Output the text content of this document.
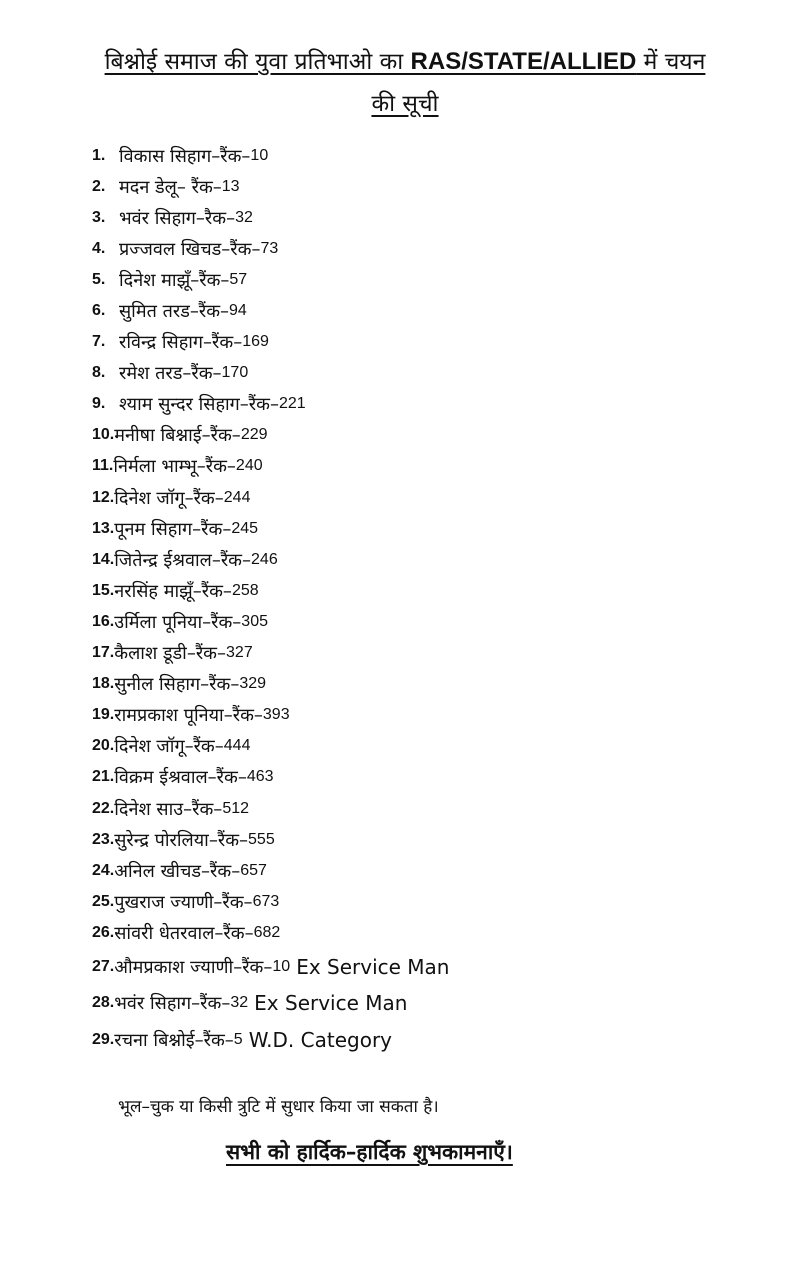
बिश्नोई समाज की युवा प्रतिभाओ का RAS/STATE/ALLIED में चयन
की सूची
1. विकास सिहाग–रैंक– 10
2. मदन डेलू– रैंक– 13
3. भवंर सिहाग–रैक– 32
4. प्रज्जवल खिचड–रैंक– 73
5. दिनेश माझूँ–रैंक– 57
6. सुमित तरड–रैंक– 94
7. रविन्द्र सिहाग–रैंक– 169
8. रमेश तरड–रैंक– 170
9. श्याम सुन्दर सिहाग–रैंक– 221
10. मनीषा बिश्नाई–रैंक– 229
11. निर्मला भाम्भू–रैंक– 240
12. दिनेश जॉगू–रैंक– 244
13. पूनम सिहाग–रैंक– 245
14. जितेन्द्र ईश्रवाल–रैंक– 246
15. नरसिंह माझूँ–रैंक– 258
16. उर्मिला पूनिया–रैंक– 305
17. कैलाश डूडी–रैंक– 327
18. सुनील सिहाग–रैंक– 329
19. रामप्रकाश पूनिया–रैंक– 393
20. दिनेश जॉगू–रैंक– 444
21. विक्रम ईश्रवाल–रैंक– 463
22. दिनेश साउ–रैंक– 512
23. सुरेन्द्र पोरलिया–रैंक– 555
24. अनिल खीचड–रैंक– 657
25. पुखराज ज्याणी–रैंक– 673
26. सांवरी धेतरवाल–रैंक– 682
27. औमप्रकाश ज्याणी–रैंक– 10 Ex Service Man
28. भवंर सिहाग–रैंक– 32 Ex Service Man
29. रचना बिश्नोई–रैंक– 5 W.D. Category
भूल–चुक या किसी त्रुटि में सुधार किया जा सकता है।
सभी को हार्दिक–हार्दिक शुभकामनाएँ।
